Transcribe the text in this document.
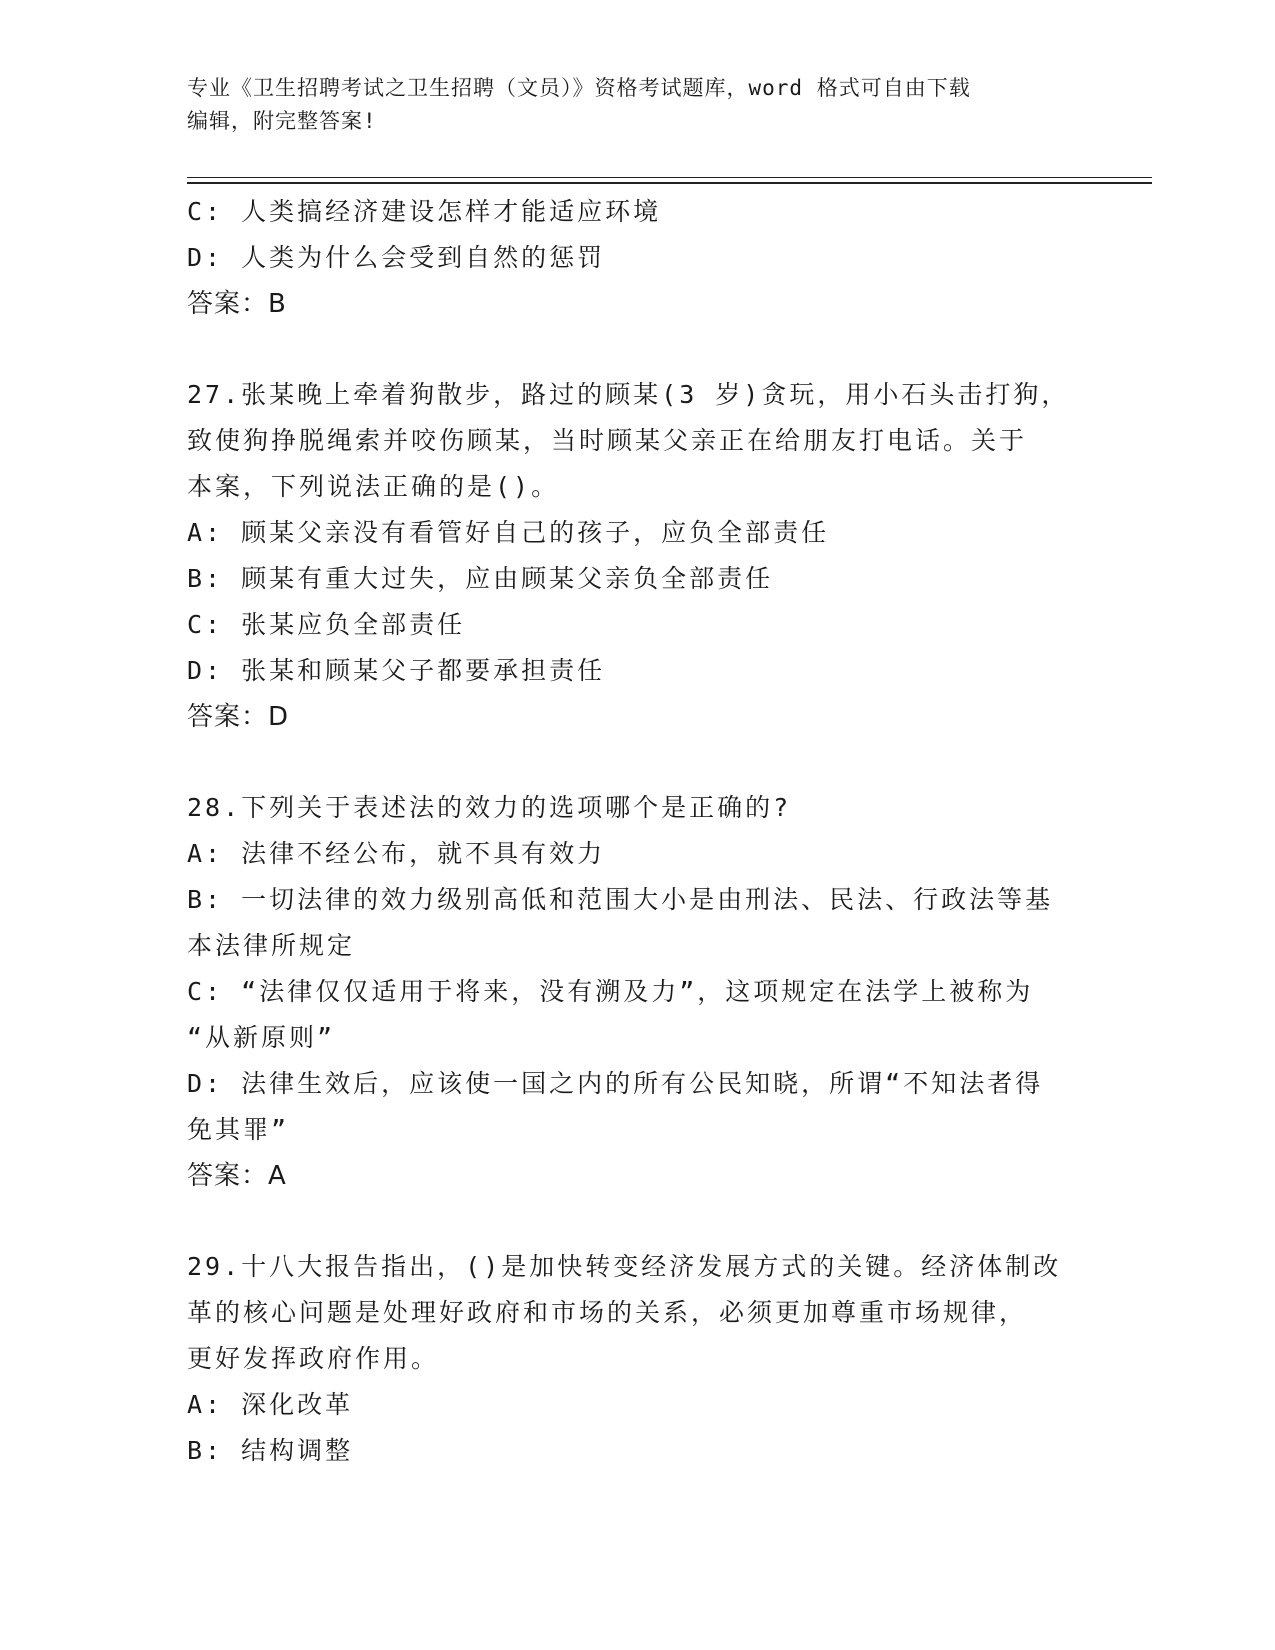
专业《卫生招聘考试之卫生招聘（文员）》资格考试题库，word 格式可自由下载
编辑，附完整答案!
C: 人类搞经济建设怎样才能适应环境
D: 人类为什么会受到自然的惩罚
答案：B
27.张某晚上牵着狗散步，路过的顾某(3 岁)贪玩，用小石头击打狗，
致使狗挣脱绳索并咬伤顾某，当时顾某父亲正在给朋友打电话。关于
本案，下列说法正确的是()。
A: 顾某父亲没有看管好自己的孩子，应负全部责任
B: 顾某有重大过失，应由顾某父亲负全部责任
C: 张某应负全部责任
D: 张某和顾某父子都要承担责任
答案：D
28.下列关于表述法的效力的选项哪个是正确的?
A: 法律不经公布，就不具有效力
B: 一切法律的效力级别高低和范围大小是由刑法、民法、行政法等基
本法律所规定
C: “法律仅仅适用于将来，没有溯及力”，这项规定在法学上被称为
“从新原则”
D: 法律生效后，应该使一国之内的所有公民知晓，所谓“不知法者得
免其罪”
答案：A
29.十八大报告指出，()是加快转变经济发展方式的关键。经济体制改
革的核心问题是处理好政府和市场的关系，必须更加尊重市场规律，
更好发挥政府作用。
A: 深化改革
B: 结构调整
